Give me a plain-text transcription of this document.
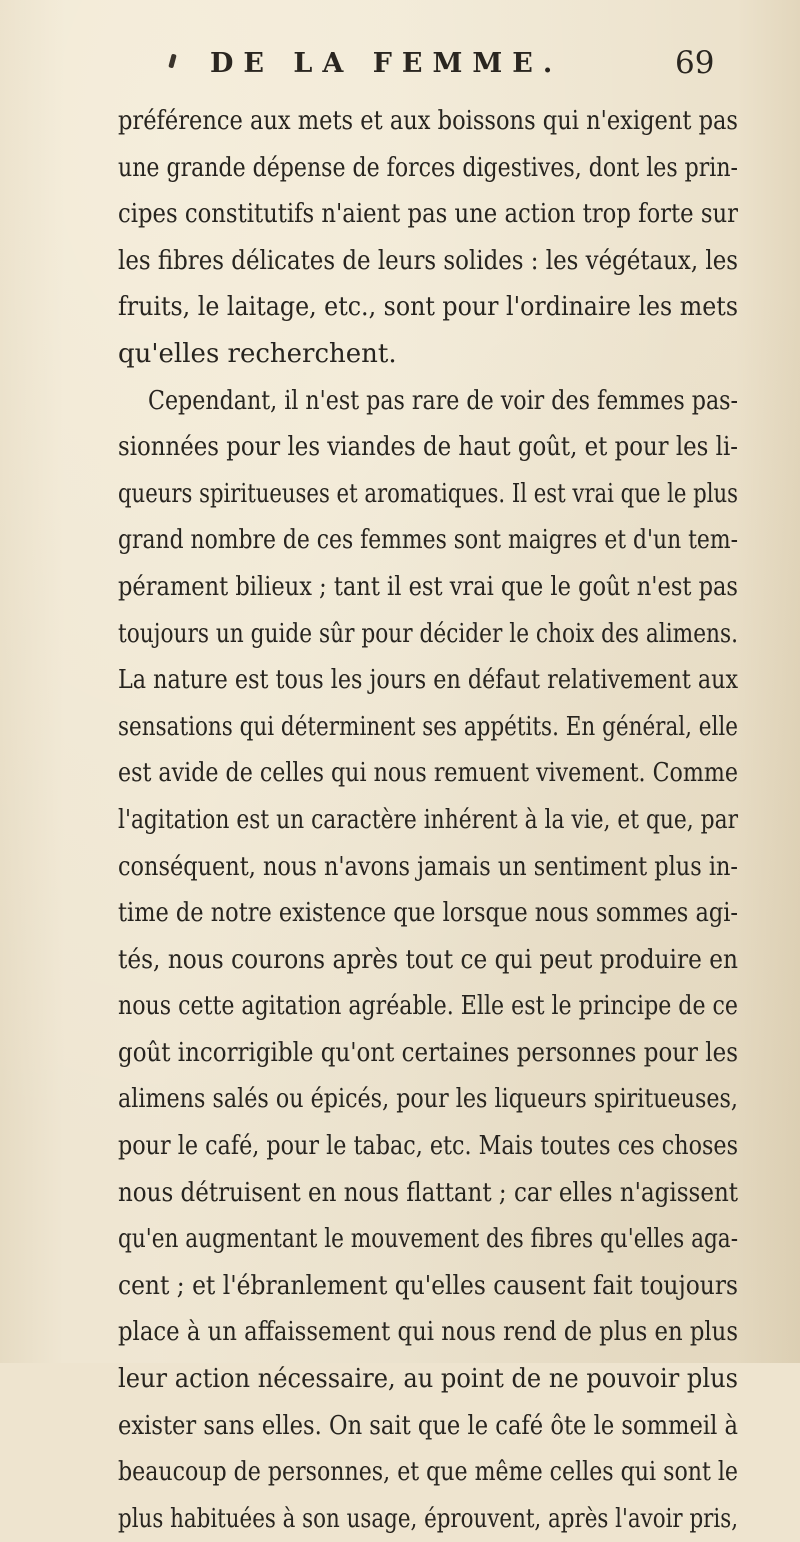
DE LA FEMME.	69
préférence aux mets et aux boissons qui n'exigent pas
une grande dépense de forces digestives, dont les prin-
cipes constitutifs n'aient pas une action trop forte sur
les fibres délicates de leurs solides : les végétaux, les
fruits, le laitage, etc., sont pour l'ordinaire les mets
qu'elles recherchent.
Cependant, il n'est pas rare de voir des femmes pas-
sionnées pour les viandes de haut goût, et pour les li-
queurs spiritueuses et aromatiques. Il est vrai que le plus
grand nombre de ces femmes sont maigres et d'un tem-
pérament bilieux ; tant il est vrai que le goût n'est pas
toujours un guide sûr pour décider le choix des alimens.
La nature est tous les jours en défaut relativement aux
sensations qui déterminent ses appétits. En général, elle
est avide de celles qui nous remuent vivement. Comme
l'agitation est un caractère inhérent à la vie, et que, par
conséquent, nous n'avons jamais un sentiment plus in-
time de notre existence que lorsque nous sommes agi-
tés, nous courons après tout ce qui peut produire en
nous cette agitation agréable. Elle est le principe de ce
goût incorrigible qu'ont certaines personnes pour les
alimens salés ou épicés, pour les liqueurs spiritueuses,
pour le café, pour le tabac, etc. Mais toutes ces choses
nous détruisent en nous flattant ; car elles n'agissent
qu'en augmentant le mouvement des fibres qu'elles aga-
cent ; et l'ébranlement qu'elles causent fait toujours
place à un affaissement qui nous rend de plus en plus
leur action nécessaire, au point de ne pouvoir plus
exister sans elles. On sait que le café ôte le sommeil à
beaucoup de personnes, et que même celles qui sont le
plus habituées à son usage, éprouvent, après l'avoir pris,
